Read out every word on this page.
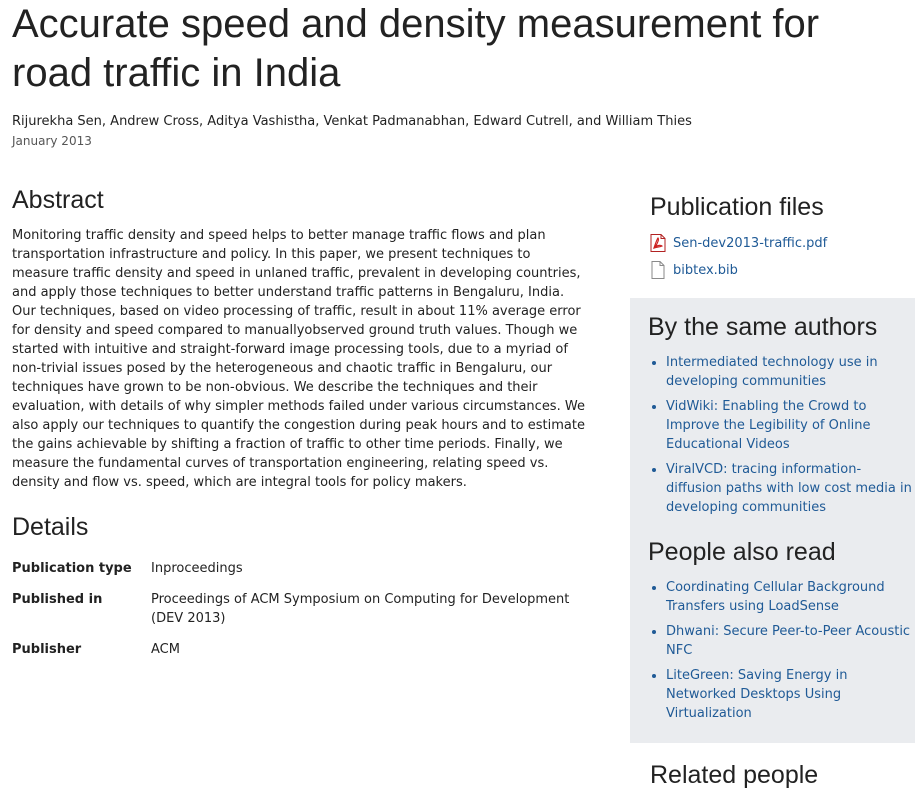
Accurate speed and density measurement for road traffic in India

Rijurekha Sen, Andrew Cross, Aditya Vashistha, Venkat Padmanabhan, Edward Cutrell, and William Thies

January 2013

Abstract

Monitoring traffic density and speed helps to better manage traffic flows and plan transportation infrastructure and policy. In this paper, we present techniques to measure traffic density and speed in unlaned traffic, prevalent in developing countries, and apply those techniques to better understand traffic patterns in Bengaluru, India. Our techniques, based on video processing of traffic, result in about 11% average error for density and speed compared to manuallyobserved ground truth values. Though we started with intuitive and straight-forward image processing tools, due to a myriad of non-trivial issues posed by the heterogeneous and chaotic traffic in Bengaluru, our techniques have grown to be non-obvious. We describe the techniques and their evaluation, with details of why simpler methods failed under various circumstances. We also apply our techniques to quantify the congestion during peak hours and to estimate the gains achievable by shifting a fraction of traffic to other time periods. Finally, we measure the fundamental curves of transportation engineering, relating speed vs. density and flow vs. speed, which are integral tools for policy makers.

Details
Publication type	Inproceedings
Published in	Proceedings of ACM Symposium on Computing for Development (DEV 2013)
Publisher	ACM
Publication files
Sen-dev2013-traffic.pdf
bibtex.bib
By the same authors
• Intermediated technology use in developing communities
• VidWiki: Enabling the Crowd to Improve the Legibility of Online Educational Videos
• ViralVCD: tracing information-diffusion paths with low cost media in developing communities
People also read
• Coordinating Cellular Background Transfers using LoadSense
• Dhwani: Secure Peer-to-Peer Acoustic NFC
• LiteGreen: Saving Energy in Networked Desktops Using Virtualization
Related people
